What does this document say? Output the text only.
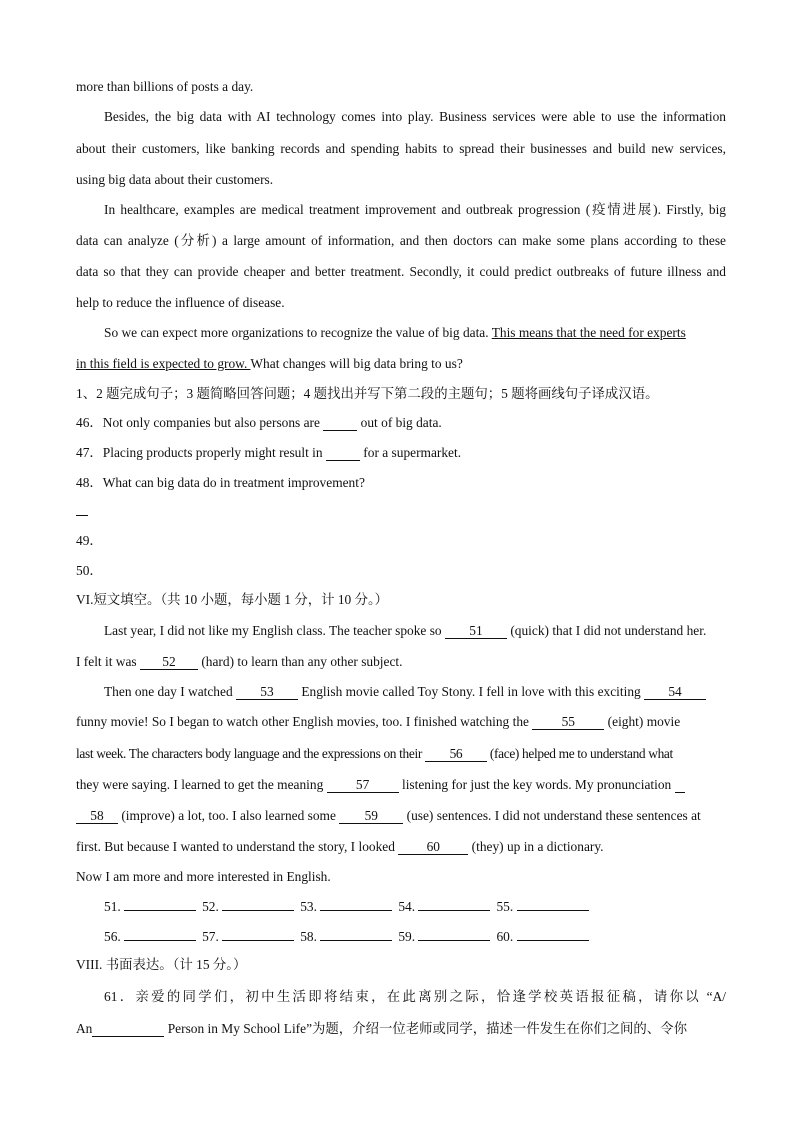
more than billions of posts a day.
Besides, the big data with AI technology comes into play. Business services were able to use the information
about their customers, like banking records and spending habits to spread their businesses and build new services,
using big data about their customers.
In healthcare, examples are medical treatment improvement and outbreak progression (疫情进展). Firstly, big
data can analyze (分析) a large amount of information, and then doctors can make some plans according to these
data so that they can provide cheaper and better treatment. Secondly, it could predict outbreaks of future illness and
help to reduce the influence of disease.
So we can expect more organizations to recognize the value of big data. This means that the need for experts
in this field is expected to grow. What changes will big data bring to us?
1、2 题完成句子；3 题简略回答问题；4 题找出并写下第二段的主题句；5 题将画线句子译成汉语。
46．Not only companies but also persons are	out of big data.
47．Placing products properly might result in	for a supermarket.
48．What can big data do in treatment improvement?
49．
50．
VI.短文填空。（共 10 小题，每小题 1 分，计 10 分。）
Last year, I did not like my English class. The teacher spoke so 51 (quick) that I did not understand her.
I felt it was 52 (hard) to learn than any other subject.
Then one day I watched 53 English movie called Toy Stony. I fell in love with this exciting 54
funny movie! So I began to watch other English movies, too. I finished watching the 55 (eight) movie
last week. The characters body language and the expressions on their 56 (face) helped me to understand what
they were saying. I learned to get the meaning 57 listening for just the key words. My pronunciation
58 (improve) a lot, too. I also learned some 59 (use) sentences. I did not understand these sentences at
first. But because I wanted to understand the story, I looked 60 (they) up in a dictionary.
Now I am more and more interested in English.
51.	52.	53.	54.	55.
56.	57.	58.	59.	60.
VIII. 书面表达。（计 15 分。）
61．亲爱的同学们，初中生活即将结束，在此离别之际，恰逢学校英语报征稿，请你以 “A/
An	Person in My School Life”为题，介绍一位老师或同学，描述一件发生在你们之间的、令你
